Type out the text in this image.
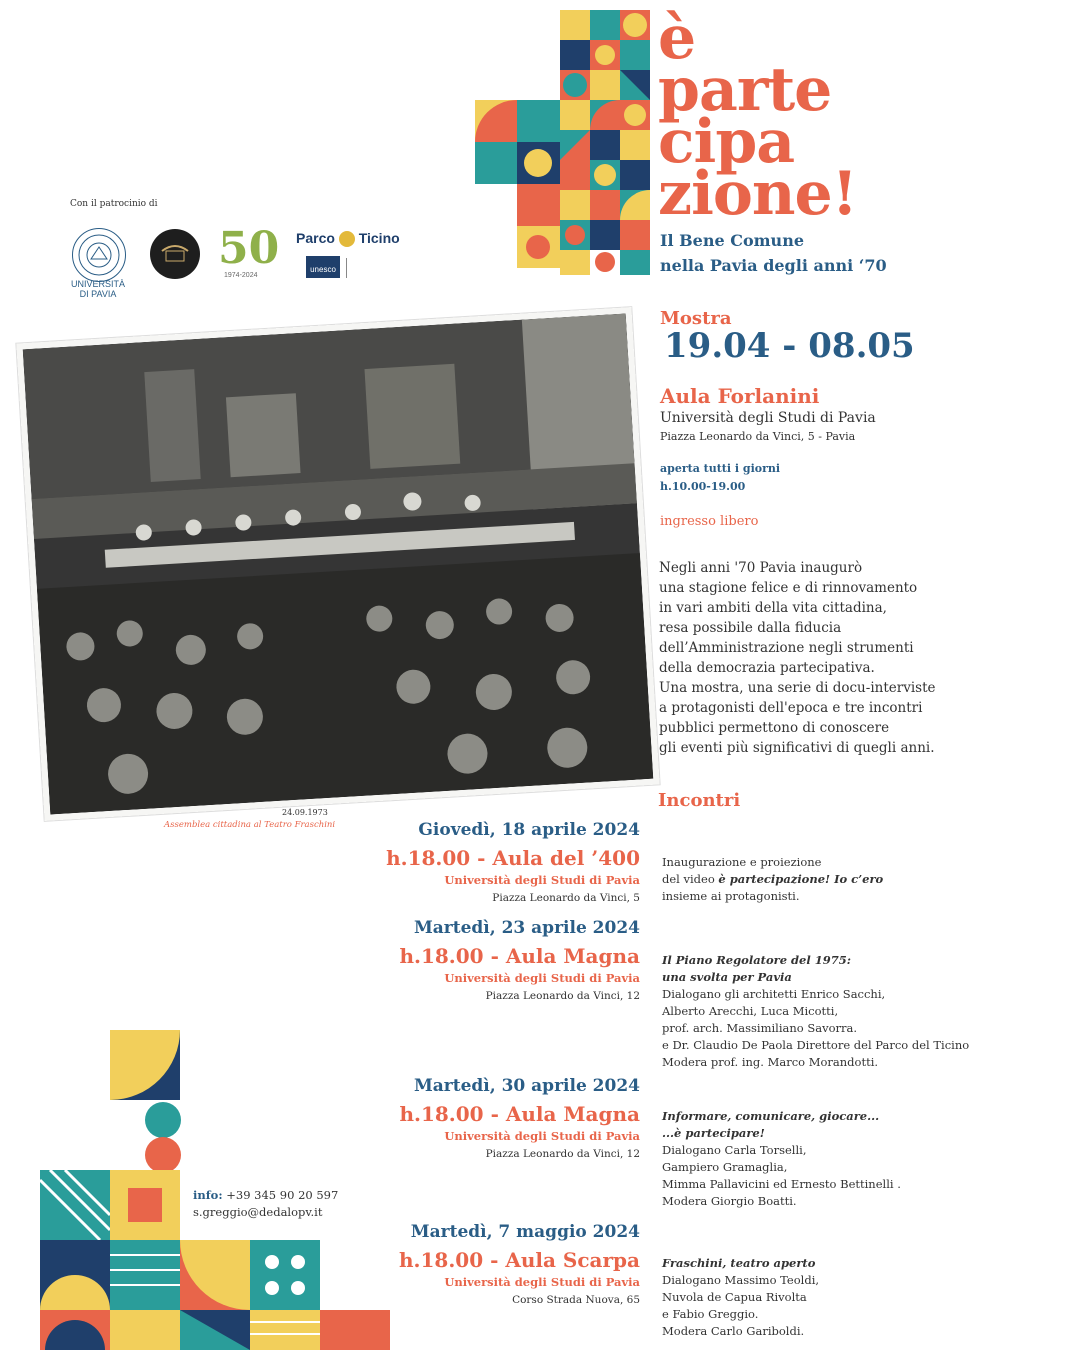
è
parte
cipa
zione!
Il Bene Comune
nella Pavia degli anni ‘70
Con il patrocinio di
UNIVERSITÀ
DI PAVIA
50
1974-2024
Parco Ticino
unesco
Mostra
19.04 - 08.05
Aula Forlanini
Università degli Studi di Pavia
Piazza Leonardo da Vinci, 5 - Pavia
aperta tutti i giorni
h.10.00-19.00
ingresso libero
Negli anni '70 Pavia inaugurò
una stagione felice e di rinnovamento
in vari ambiti della vita cittadina,
resa possibile dalla fiducia
dell’Amministrazione negli strumenti
della democrazia partecipativa.
Una mostra, una serie di docu-interviste
a protagonisti dell'epoca e tre incontri
pubblici permettono di conoscere
gli eventi più significativi di quegli anni.
24.09.1973
Assemblea cittadina al Teatro Fraschini
Incontri
Giovedì, 18 aprile 2024
h.18.00 - Aula del ’400
Università degli Studi di Pavia
Piazza Leonardo da Vinci, 5
Inaugurazione e proiezione
del video è partecipazione! Io c’ero
insieme ai protagonisti.
Martedì, 23 aprile 2024
h.18.00 - Aula Magna
Università degli Studi di Pavia
Piazza Leonardo da Vinci, 12
Il Piano Regolatore del 1975:
una svolta per Pavia
Dialogano gli architetti Enrico Sacchi,
Alberto Arecchi, Luca Micotti,
prof. arch. Massimiliano Savorra.
e Dr. Claudio De Paola Direttore del Parco del Ticino
Modera prof. ing. Marco Morandotti.
Martedì, 30 aprile 2024
h.18.00 - Aula Magna
Università degli Studi di Pavia
Piazza Leonardo da Vinci, 12
Informare, comunicare, giocare...
...è partecipare!
Dialogano Carla Torselli,
Gampiero Gramaglia,
Mimma Pallavicini ed Ernesto Bettinelli .
Modera Giorgio Boatti.
Martedì, 7 maggio 2024
h.18.00 - Aula Scarpa
Università degli Studi di Pavia
Corso Strada Nuova, 65
Fraschini, teatro aperto
Dialogano Massimo Teoldi,
Nuvola de Capua Rivolta
e Fabio Greggio.
Modera Carlo Gariboldi.
info: +39 345 90 20 597
s.greggio@dedalopv.it
